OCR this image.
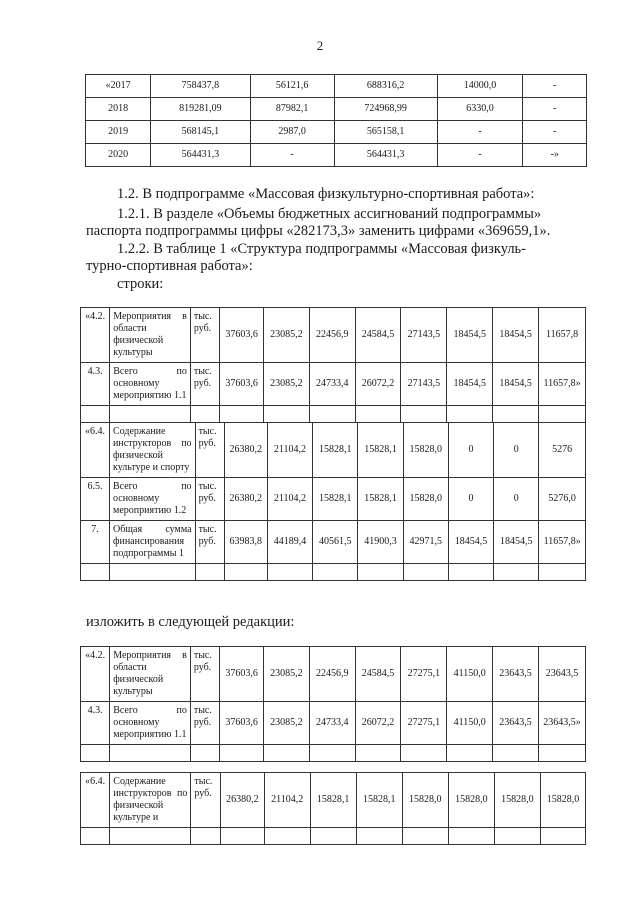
2
«2017	758437,8	56121,6	688316,2	14000,0	-
2018	819281,09	87982,1	724968,99	6330,0	-
2019	568145,1	2987,0	565158,1	-	-
2020	564431,3	-	564431,3	-	-»

1.2. В подпрограмме «Массовая физкультурно-спортивная работа»:

1.2.1. В разделе «Объемы бюджетных ассигнований подпрограммы»

паспорта подпрограммы цифры «282173,3» заменить цифрами «369659,1».

1.2.2. В таблице 1 «Структура подпрограммы «Массовая физкуль-

турно-спортивная работа»:

строки:

«4.2.	Мероприятия в области физической культуры	тыс. руб.	37603,6	23085,2	22456,9	24584,5	27143,5	18454,5	18454,5	11657,8
4.3.	Всего по основному мероприятию 1.1	тыс. руб.	37603,6	23085,2	24733,4	26072,2	27143,5	18454,5	18454,5	11657,8»

«6.4.	Содержание инструкторов по физической культуре и спорту	тыс. руб.	26380,2	21104,2	15828,1	15828,1	15828,0	0	0	5276
6.5.	Всего по основному мероприятию 1.2	тыс. руб.	26380,2	21104,2	15828,1	15828,1	15828,0	0	0	5276,0
7.	Общая сумма финансирования подпрограммы 1	тыс. руб.	63983,8	44189,4	40561,5	41900,3	42971,5	18454,5	18454,5	11657,8»

изложить в следующей редакции:

«4.2.	Мероприятия в области физической культуры	тыс. руб.	37603,6	23085,2	22456,9	24584,5	27275,1	41150,0	23643,5	23643,5
4.3.	Всего по основному мероприятию 1.1	тыс. руб.	37603,6	23085,2	24733,4	26072,2	27275,1	41150,0	23643,5	23643,5»

«6.4.	Содержание инструкторов по физической культуре и	тыс. руб.	26380,2	21104,2	15828,1	15828,1	15828,0	15828,0	15828,0	15828,0
